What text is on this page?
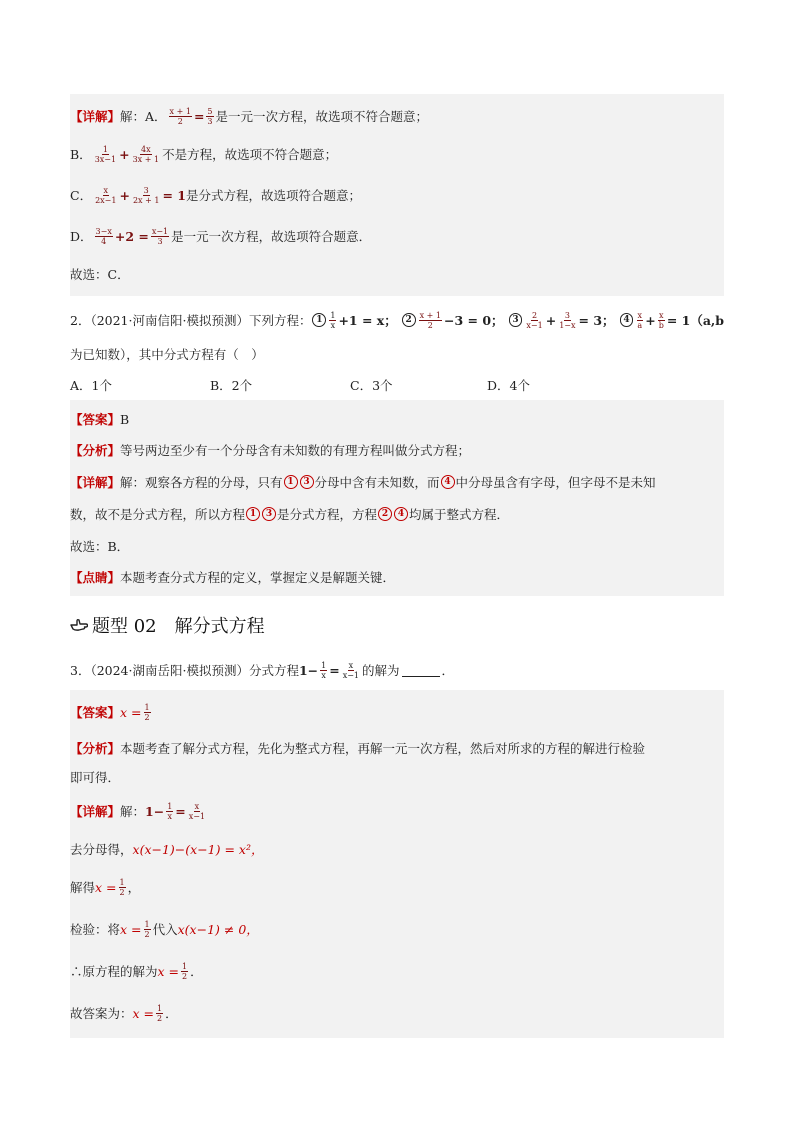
【详解】 解：A． $\frac{x + 1}{2} = \frac{5}{3}$ 是一元一次方程，故选项不符合题意；
B． $\frac{1}{3x-1} + \frac{4x}{3x + 1}$ 不是方程，故选项不符合题意；
C． $\frac{x}{2x-1} + \frac{3}{2x + 1} = 1$ 是分式方程，故选项符合题意；
D． $\frac{3-x}{4} +2 = \frac{x-1}{3}$ 是一元一次方程，故选项符合题意．
故选：C．
2．（2021·河南信阳·模拟预测）下列方程： $1 \frac{1}{x} +1 = x$； $2 \frac{x + 1}{2} -3 = 0$； $3 \frac{2}{x-1} + \frac{3}{1-x} = 3$； $4 \frac{x}{a} + \frac{x}{b} = 1(a,b$
为已知数），其中分式方程有（　）
A．1个	B．2个	C．3个	D．4个
【答案】 B
【分析】 等号两边至少有一个分母含有未知数的有理方程叫做分式方程；
【详解】 解：观察各方程的分母，只有 1	3 分母中含有未知数，而 4 中分母虽含有字母，但字母不是未知
数，故不是分式方程，所以方程 1	3 是分式方程，方程 2	4 均属于整式方程．
故选：B．
【点睛】 本题考查分式方程的定义，掌握定义是解题关键．
题型 02　解分式方程
3．（2024·湖南岳阳·模拟预测）分式方程 $1- \frac{1}{x} = \frac{x}{x-1}$ 的解为	．
【答案】 $x = \frac{1}{2}$
【分析】 本题考查了解分式方程，先化为整式方程，再解一元一次方程，然后对所求的方程的解进行检验
即可得．
【详解】 解： $1- \frac{1}{x} = \frac{x}{x-1}$
去分母得， x(x−1)−(x−1) = x²，
解得 $x = \frac{1}{2}$ ，
检验：将 $x = \frac{1}{2}$ 代入 x(x−1) ≠ 0，
∴原方程的解为 $x = \frac{1}{2}$ ．
故答案为： $x = \frac{1}{2}$ ．
